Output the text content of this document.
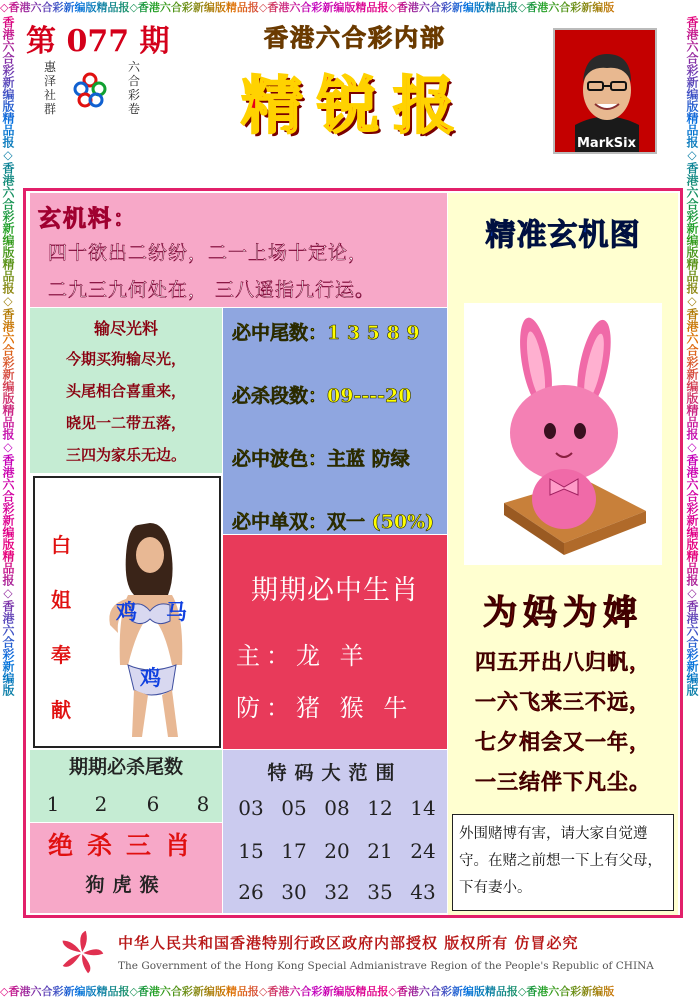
◇香港六合彩新编版精品报◇香港六合彩新编版精品报◇香港六合彩新编版精品报◇香港六合彩新编版精品报◇香港六合彩新编版
◇香港六合彩新编版精品报◇香港六合彩新编版精品报◇香港六合彩新编版精品报◇香港六合彩新编版精品报◇香港六合彩新编版
香港六合彩新编版精品报◇香港六合彩新编版精品报◇香港六合彩新编版精品报◇香港六合彩新编版精品报◇香港六合彩新编版	香港六合彩新编版精品报◇香港六合彩新编版精品报◇香港六合彩新编版精品报◇香港六合彩新编版精品报◇香港六合彩新编版
第 077 期
惠泽社群
六合彩卷
香港六合彩内部
精锐报
MarkSix
玄机料：
四十欲出二纷纷，二一上场十定论，
二九三九何处在， 三八遥指九行运。
输尽光料
今期买狗输尽光，
头尾相合喜重来，
晓见一二带五落，
三四为家乐无边。
必中尾数：1 3 5 8 9
必杀段数：09----20
必中波色：主蓝 防绿
必中单双：双一 (50%)
白
姐
奉
献
鸡 马
鸡
期期必中生肖
主：龙 羊
防：猪 猴 牛
期期必杀尾数
1	2	6	8
绝杀三肖
狗虎猴
特码大范围
03 05 08 12 14
15 17 20 21 24
26 30 32 35 43
精准玄机图
为妈为婢
四五开出八归帆，
一六飞来三不远，
七夕相会又一年，
一三结伴下凡尘。
外围赌博有害，请大家自觉遵守。在赌之前想一下上有父母，下有妻小。
中华人民共和国香港特别行政区政府内部授权 版权所有 仿冒必究
The Government of the Hong Kong Special Admianistrave Region of the People's Republic of CHINA
